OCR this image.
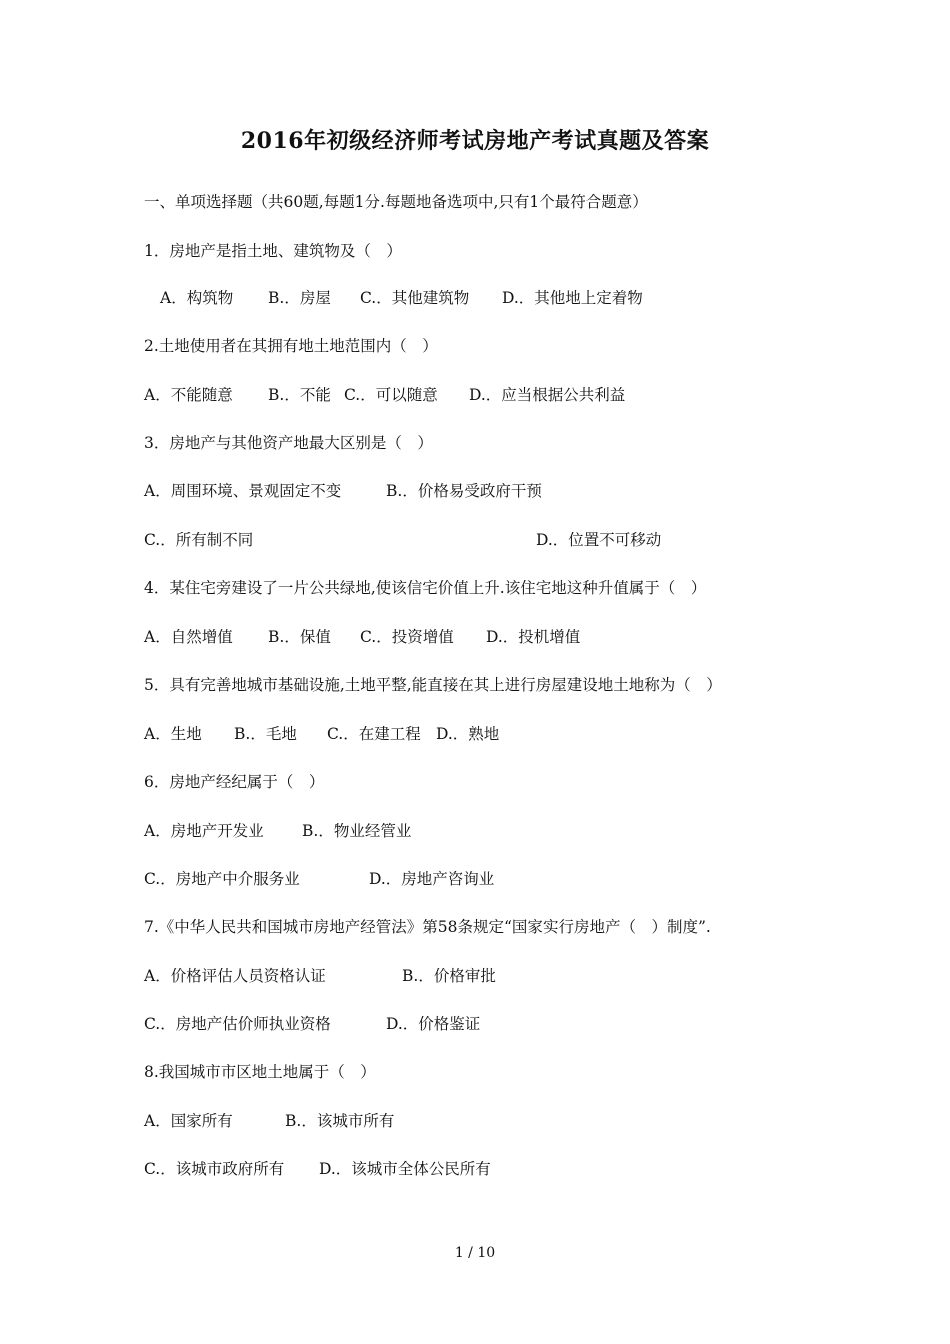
2016年初级经济师考试房地产考试真题及答案
一、单项选择题（共60题,每题1分.每题地备选项中,只有1个最符合题意）
1．房地产是指土地、建筑物及（　）
A．构筑物 B.．房屋 C.．其他建筑物 D.．其他地上定着物
2.土地使用者在其拥有地土地范围内（　）
A．不能随意 B.．不能 C.．可以随意 D.．应当根据公共利益
3．房地产与其他资产地最大区别是（　）
A．周围环境、景观固定不变	B.．价格易受政府干预
C.．所有制不同	D.．位置不可移动
4．某住宅旁建设了一片公共绿地,使该信宅价值上升.该住宅地这种升值属于（　）
A．自然增值 B.．保值 C.．投资增值 D.．投机增值
5．具有完善地城市基础设施,土地平整,能直接在其上进行房屋建设地土地称为（　）
A．生地 B.．毛地 C.．在建工程 D.．熟地
6．房地产经纪属于（　）
A．房地产开发业 B.．物业经管业
C.．房地产中介服务业	D.．房地产咨询业
7.《中华人民共和国城市房地产经管法》第58条规定“国家实行房地产（　）制度”.
A．价格评估人员资格认证	B.．价格审批
C.．房地产估价师执业资格	D.．价格鉴证
8.我国城市市区地土地属于（　）
A．国家所有	B.．该城市所有
C.．该城市政府所有 D.．该城市全体公民所有
1 / 10
